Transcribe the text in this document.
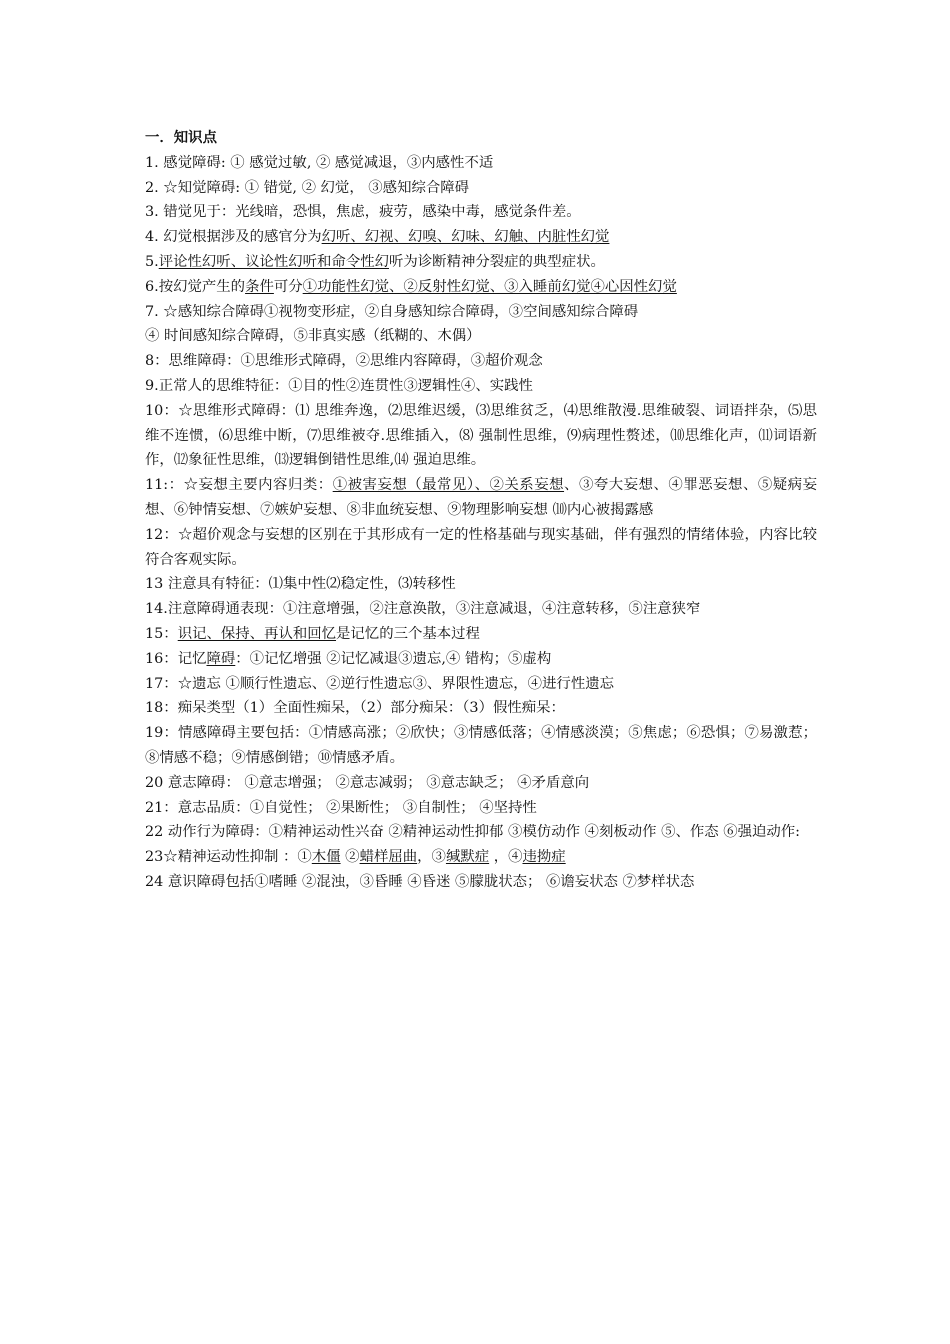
一．知识点
1. 感觉障碍: ① 感觉过敏, ② 感觉减退，③内感性不适
2. ☆知觉障碍: ① 错觉, ② 幻觉， ③感知综合障碍
3. 错觉见于：光线暗，恐惧，焦虑，疲劳，感染中毒，感觉条件差。
4. 幻觉根据涉及的感官分为幻听、幻视、幻嗅、幻味、幻触、内脏性幻觉
5.评论性幻听、议论性幻听和命令性幻听为诊断精神分裂症的典型症状。
6.按幻觉产生的条件可分①功能性幻觉、②反射性幻觉、③入睡前幻觉④心因性幻觉
7. ☆感知综合障碍①视物变形症，②自身感知综合障碍，③空间感知综合障碍
④ 时间感知综合障碍，⑤非真实感（纸糊的、木偶）
8：思维障碍：①思维形式障碍，②思维内容障碍，③超价观念
9.正常人的思维特征：①目的性②连贯性③逻辑性④、实践性
10：☆思维形式障碍：⑴ 思维奔逸，⑵思维迟缓，⑶思维贫乏，⑷思维散漫.思维破裂、词语拌杂，⑸思维不连惯，⑹思维中断，⑺思维被夺.思维插入，⑻ 强制性思维，⑼病理性赘述，⑽思维化声，⑾词语新作，⑿象征性思维，⒀逻辑倒错性思维,⒁ 强迫思维。
11:：☆妄想主要内容归类：①被害妄想（最常见）、②关系妄想、③夸大妄想、④罪恶妄想、⑤疑病妄想、⑥钟情妄想、⑦嫉妒妄想、⑧非血统妄想、⑨物理影响妄想 ⑽内心被揭露感
12：☆超价观念与妄想的区别在于其形成有一定的性格基础与现实基础，伴有强烈的情绪体验，内容比较符合客观实际。
13 注意具有特征：⑴集中性⑵稳定性，⑶转移性
14.注意障碍通表现：①注意增强，②注意涣散，③注意减退，④注意转移，⑤注意狭窄
15：识记、保持、再认和回忆是记忆的三个基本过程
16：记忆障碍：①记忆增强 ②记忆减退③遗忘,④ 错构；⑤虚构
17：☆遗忘 ①顺行性遗忘、②逆行性遗忘③、界限性遗忘，④进行性遗忘
18：痴呆类型（1）全面性痴呆，（2）部分痴呆：（3）假性痴呆：
19：情感障碍主要包括：①情感高涨；②欣快；③情感低落；④情感淡漠；⑤焦虑；⑥恐惧；⑦易激惹；⑧情感不稳；⑨情感倒错；⑩情感矛盾。
20 意志障碍： ①意志增强； ②意志减弱； ③意志缺乏； ④矛盾意向
21：意志品质：①自觉性； ②果断性； ③自制性； ④坚持性
22 动作行为障碍：①精神运动性兴奋 ②精神运动性抑郁 ③模仿动作 ④刻板动作 ⑤、作态 ⑥强迫动作:
23☆精神运动性抑制 ：①木僵 ②蜡样屈曲，③缄默症 ，④违拗症
24 意识障碍包括①嗜睡 ②混浊，③昏睡 ④昏迷 ⑤朦胧状态； ⑥谵妄状态 ⑦梦样状态
